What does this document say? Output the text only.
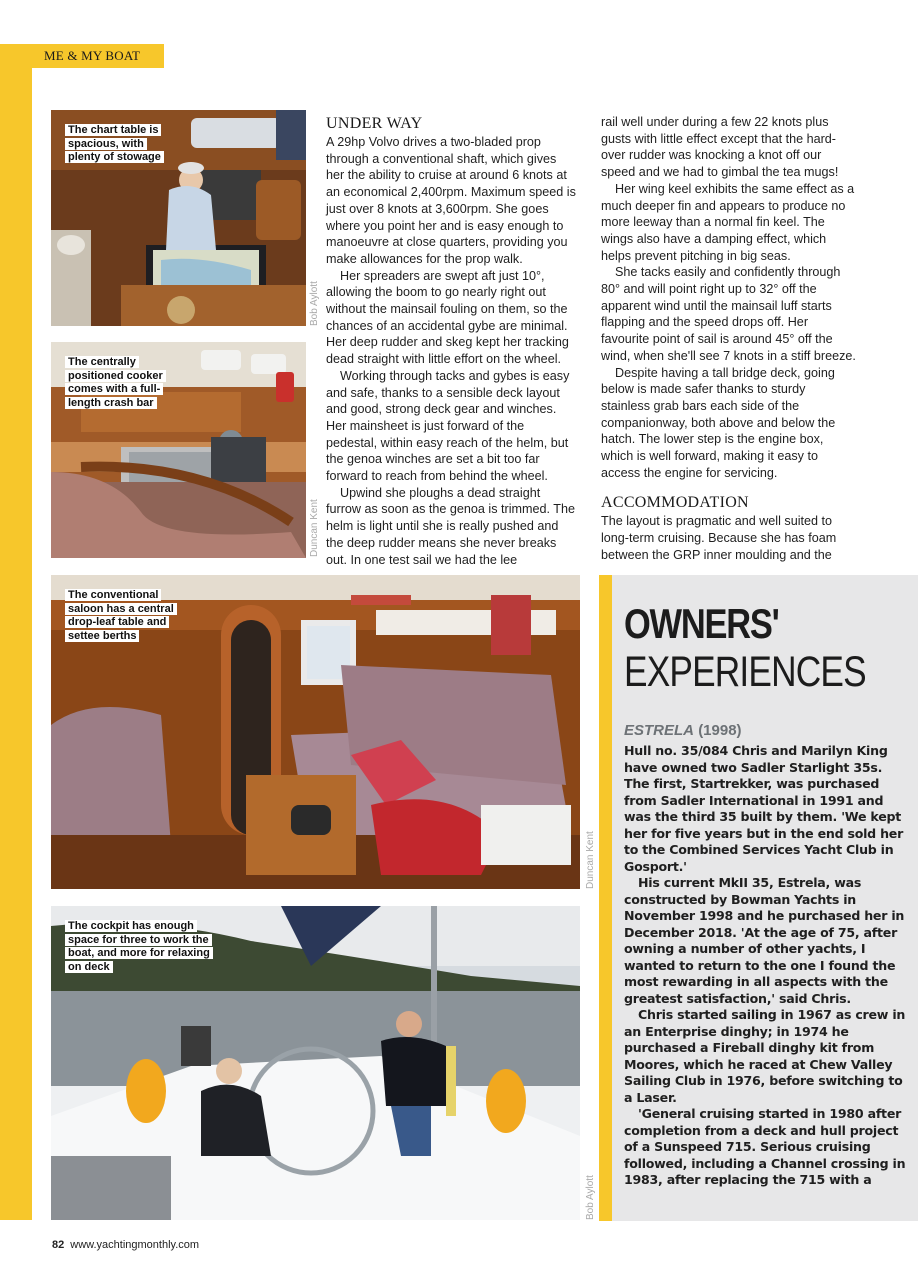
ME & MY BOAT
The chart table is spacious, with plenty of stowage
Bob Aylott
The centrally positioned cooker comes with a full-length crash bar
Duncan Kent
The conventional saloon has a central drop-leaf table and settee berths
Duncan Kent
The cockpit has enough space for three to work the boat, and more for relaxing on deck
Bob Aylott
UNDER WAY

A 29hp Volvo drives a two-bladed prop through a conventional shaft, which gives her the ability to cruise at around 6 knots at an economical 2,400rpm. Maximum speed is just over 8 knots at 3,600rpm. She goes where you point her and is easy enough to manoeuvre at close quarters, providing you make allowances for the prop walk.

Her spreaders are swept aft just 10°, allowing the boom to go nearly right out without the mainsail fouling on them, so the chances of an accidental gybe are minimal. Her deep rudder and skeg kept her tracking dead straight with little effort on the wheel.

Working through tacks and gybes is easy and safe, thanks to a sensible deck layout and good, strong deck gear and winches. Her mainsheet is just forward of the pedestal, within easy reach of the helm, but the genoa winches are set a bit too far forward to reach from behind the wheel.

Upwind she ploughs a dead straight furrow as soon as the genoa is trimmed. The helm is light until she is really pushed and the deep rudder means she never breaks out. In one test sail we had the lee

rail well under during a few 22 knots plus gusts with little effect except that the hard-over rudder was knocking a knot off our speed and we had to gimbal the tea mugs!

Her wing keel exhibits the same effect as a much deeper fin and appears to produce no more leeway than a normal fin keel. The wings also have a damping effect, which helps prevent pitching in big seas.

She tacks easily and confidently through 80° and will point right up to 32° off the apparent wind until the mainsail luff starts flapping and the speed drops off. Her favourite point of sail is around 45° off the wind, when she'll see 7 knots in a stiff breeze.

Despite having a tall bridge deck, going below is made safer thanks to sturdy stainless grab bars each side of the companionway, both above and below the hatch. The lower step is the engine box, which is well forward, making it easy to access the engine for servicing.

ACCOMMODATION

The layout is pragmatic and well suited to long-term cruising. Because she has foam between the GRP inner moulding and the

OWNERS'
EXPERIENCES
ESTRELA (1998)

Hull no. 35/084 Chris and Marilyn King have owned two Sadler Starlight 35s. The first, Startrekker, was purchased from Sadler International in 1991 and was the third 35 built by them. 'We kept her for five years but in the end sold her to the Combined Services Yacht Club in Gosport.'

His current MkII 35, Estrela, was constructed by Bowman Yachts in November 1998 and he purchased her in December 2018. 'At the age of 75, after owning a number of other yachts, I wanted to return to the one I found the most rewarding in all aspects with the greatest satisfaction,' said Chris.

Chris started sailing in 1967 as crew in an Enterprise dinghy; in 1974 he purchased a Fireball dinghy kit from Moores, which he raced at Chew Valley Sailing Club in 1976, before switching to a Laser.

'General cruising started in 1980 after completion from a deck and hull project of a Sunspeed 715. Serious cruising followed, including a Channel crossing in 1983, after replacing the 715 with a

82 www.yachtingmonthly.com
